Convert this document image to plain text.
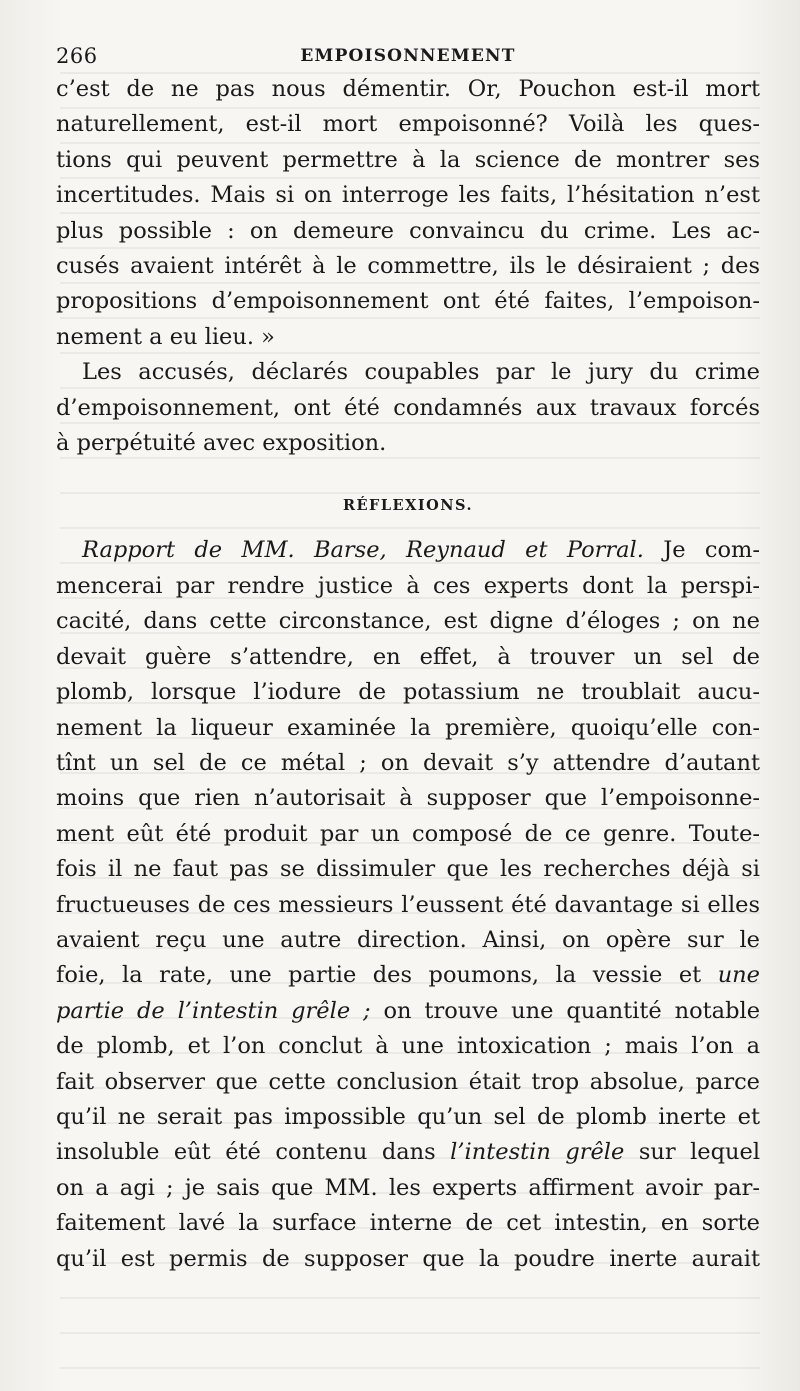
266	EMPOISONNEMENT
c’est de ne pas nous démentir. Or, Pouchon est-il mort
naturellement, est-il mort empoisonné? Voilà les ques-
tions qui peuvent permettre à la science de montrer ses
incertitudes. Mais si on interroge les faits, l’hésitation n’est
plus possible : on demeure convaincu du crime. Les ac-
cusés avaient intérêt à le commettre, ils le désiraient ; des
propositions d’empoisonnement ont été faites, l’empoison-
nement a eu lieu. »
Les accusés, déclarés coupables par le jury du crime
d’empoisonnement, ont été condamnés aux travaux forcés
à perpétuité avec exposition.
RÉFLEXIONS.
Rapport de MM. Barse, Reynaud et Porral. Je com-
mencerai par rendre justice à ces experts dont la perspi-
cacité, dans cette circonstance, est digne d’éloges ; on ne
devait guère s’attendre, en effet, à trouver un sel de
plomb, lorsque l’iodure de potassium ne troublait aucu-
nement la liqueur examinée la première, quoiqu’elle con-
tînt un sel de ce métal ; on devait s’y attendre d’autant
moins que rien n’autorisait à supposer que l’empoisonne-
ment eût été produit par un composé de ce genre. Toute-
fois il ne faut pas se dissimuler que les recherches déjà si
fructueuses de ces messieurs l’eussent été davantage si elles
avaient reçu une autre direction. Ainsi, on opère sur le
foie, la rate, une partie des poumons, la vessie et une
partie de l’intestin grêle ; on trouve une quantité notable
de plomb, et l’on conclut à une intoxication ; mais l’on a
fait observer que cette conclusion était trop absolue, parce
qu’il ne serait pas impossible qu’un sel de plomb inerte et
insoluble eût été contenu dans l’intestin grêle sur lequel
on a agi ; je sais que MM. les experts affirment avoir par-
faitement lavé la surface interne de cet intestin, en sorte
qu’il est permis de supposer que la poudre inerte aurait
